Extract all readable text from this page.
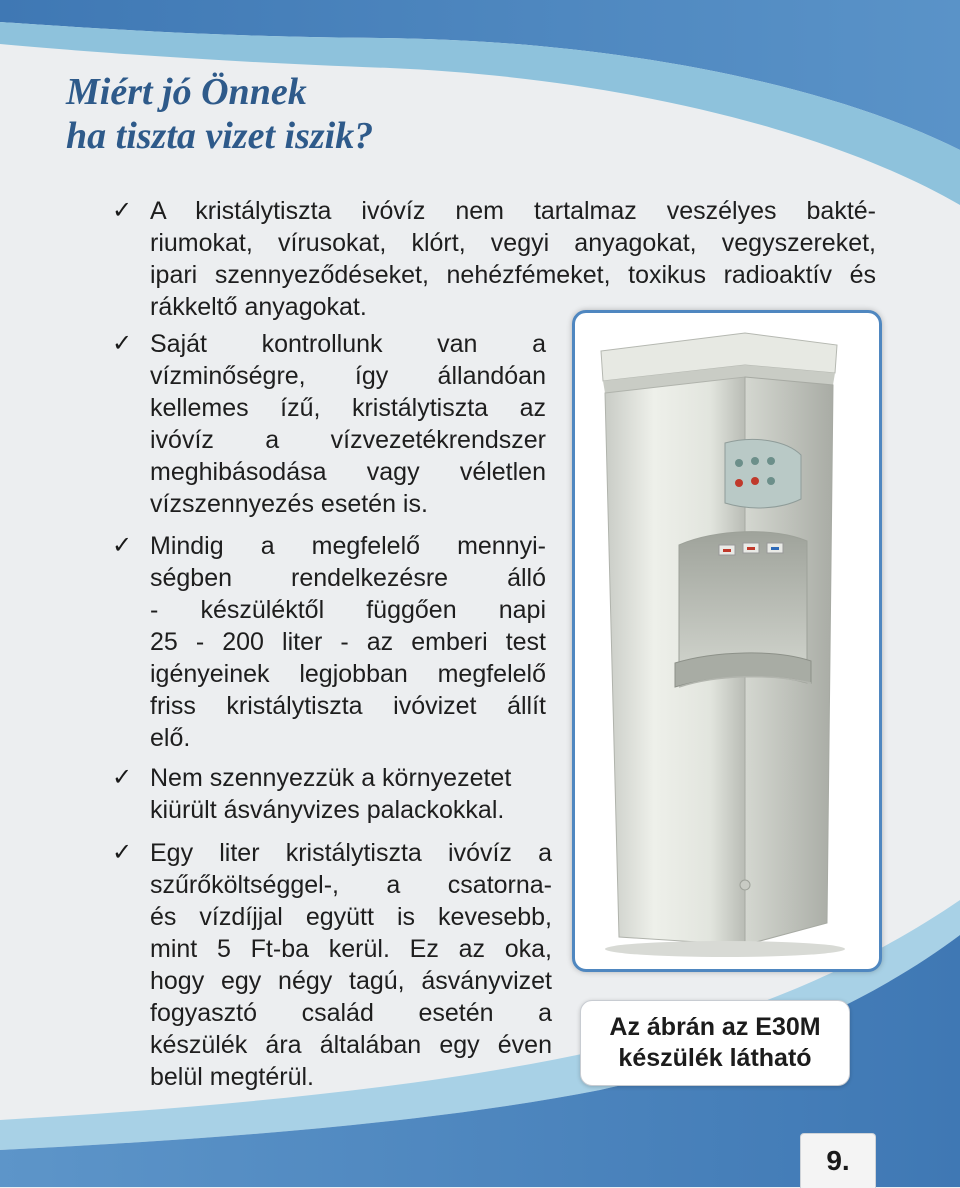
Miért jó Önnek
ha tiszta vizet iszik?
✓ A kristálytiszta ivóvíz nem tartalmaz veszélyes bakté-
riumokat, vírusokat, klórt, vegyi anyagokat, vegyszereket,
ipari szennyeződéseket, nehézfémeket, toxikus radioaktív és
rákkeltő anyagokat.
✓ Saját kontrollunk van a
vízminőségre, így állandóan
kellemes ízű, kristálytiszta az
ivóvíz a vízvezetékrendszer
meghibásodása vagy véletlen
vízszennyezés esetén is.
✓ Mindig a megfelelő mennyi-
ségben rendelkezésre álló
- készüléktől függően napi
25 - 200 liter - az emberi test
igényeinek legjobban megfelelő
friss kristálytiszta ivóvizet állít
elő.
✓ Nem szennyezzük a környezetet
kiürült ásványvizes palackokkal.
✓ Egy liter kristálytiszta ivóvíz a
szűrőköltséggel-, a csatorna-
és vízdíjjal együtt is kevesebb,
mint 5 Ft-ba kerül. Ez az oka,
hogy egy négy tagú, ásványvizet
fogyasztó család esetén a
készülék ára általában egy éven
belül megtérül.
Az ábrán az E30M
készülék látható
9.
